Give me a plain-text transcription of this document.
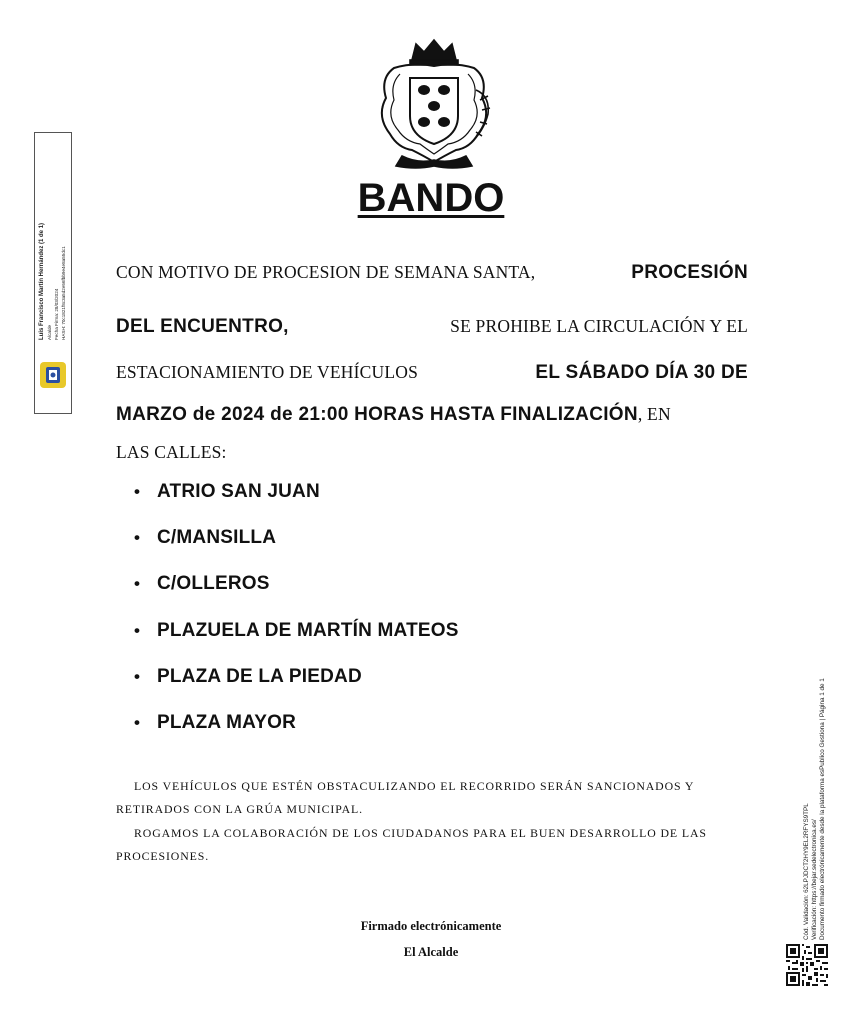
Luis Francisco Martín Hernández (1 de 1) Alcalde Fecha Firma: 28/03/2024 HASH: 70c1821f8c3a5d2e56fbb9e4e8a55dc1
Cód. Validación: 62LPJDCT2HY9EL2RFYS9TPL Verificación: https://bejar.sedelectronica.es/ Documento firmado electrónicamente desde la plataforma esPublico Gestiona | Página 1 de 1
BANDO
CON MOTIVO DE PROCESION DE SEMANA SANTA,	PROCESIÓN
DEL ENCUENTRO,	SE PROHIBE LA CIRCULACIÓN Y EL
ESTACIONAMIENTO DE VEHÍCULOS	EL SÁBADO DÍA 30 DE
MARZO de 2024 de 21:00 HORAS HASTA FINALIZACIÓN, EN
LAS CALLES:
• ATRIO SAN JUAN
• C/MANSILLA
• C/OLLEROS
• PLAZUELA DE MARTÍN MATEOS
• PLAZA DE LA PIEDAD
• PLAZA MAYOR
LOS VEHÍCULOS QUE ESTÉN OBSTACULIZANDO EL RECORRIDO SERÁN SANCIONADOS Y
RETIRADOS CON LA GRÚA MUNICIPAL.
ROGAMOS LA COLABORACIÓN DE LOS CIUDADANOS PARA EL BUEN DESARROLLO DE LAS
PROCESIONES.
Firmado electrónicamente
El Alcalde
